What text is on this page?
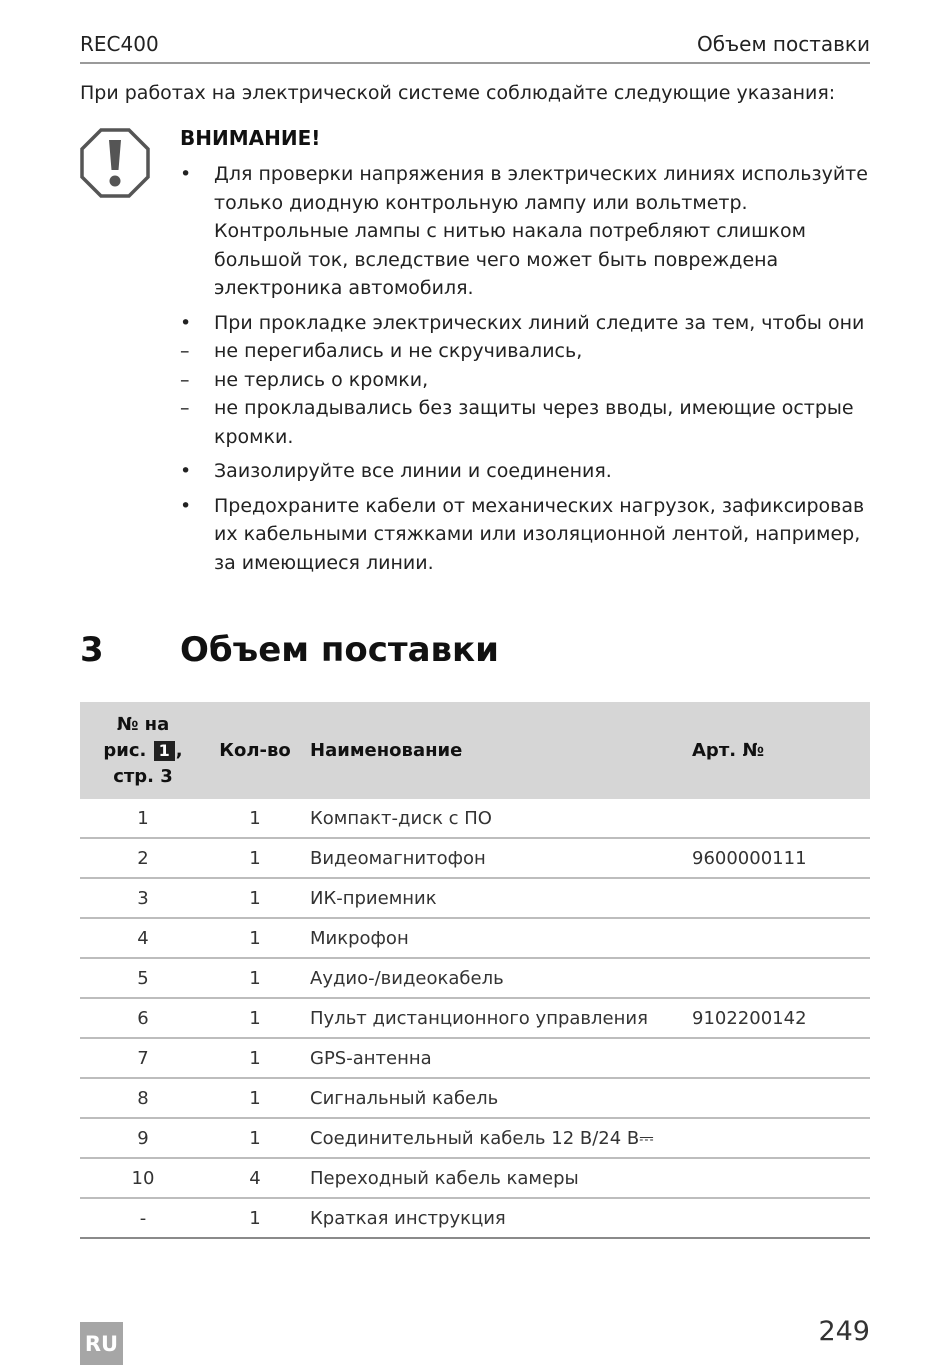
REC400	Объем поставки
При работах на электрической системе соблюдайте следующие указания:
ВНИМАНИЕ!
• Для проверки напряжения в электрических линиях используйте только диодную контрольную лампу или вольтметр. Контрольные лампы с нитью накала потребляют слишком большой ток, вследствие чего может быть повреждена электроника автомобиля.
• При прокладке электрических линий следите за тем, чтобы они
– не перегибались и не скручивались,
– не терлись о кромки,
– не прокладывались без защиты через вводы, имеющие острые кромки.
• Заизолируйте все линии и соединения.
• Предохраните кабели от механических нагрузок, зафиксировав их кабельными стяжками или изоляционной лентой, например, за имеющиеся линии.
3 Объем поставки
№ на
рис. 1 ,
стр. 3	Кол-во	Наименование	Арт. №
1	1	Компакт-диск с ПО	
2	1	Видеомагнитофон	9600000111
3	1	ИК-приемник	
4	1	Микрофон	
5	1	Аудио-/видеокабель	
6	1	Пульт дистанционного управления	9102200142
7	1	GPS-антенна	
8	1	Сигнальный кабель	
9	1	Соединительный кабель 12 В/24 В⎓	
10	4	Переходный кабель камеры	
-	1	Краткая инструкция	
RU	249
